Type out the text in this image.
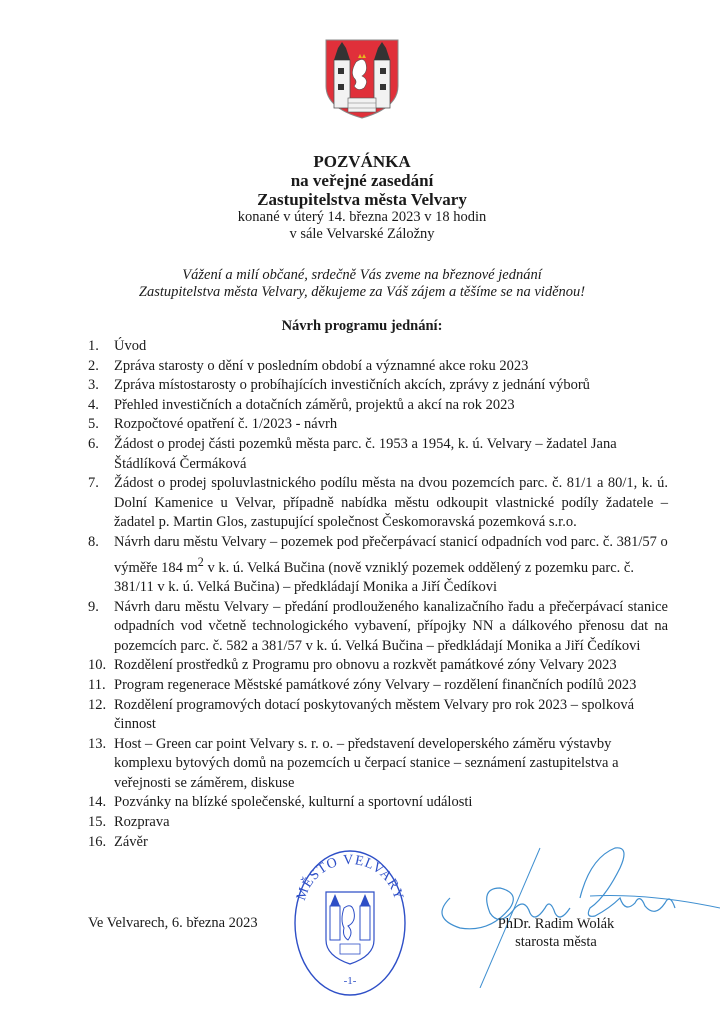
POZVÁNKA
na veřejné zasedání
Zastupitelstva města Velvary
konané v úterý 14. března 2023 v 18 hodin
v sále Velvarské Záložny
Vážení a milí občané, srdečně Vás zveme na březnové jednání
Zastupitelstva města Velvary, děkujeme za Váš zájem a těšíme se na viděnou!
Návrh programu jednání:
1. Úvod
2. Zpráva starosty o dění v posledním období a významné akce roku 2023
3. Zpráva místostarosty o probíhajících investičních akcích, zprávy z jednání výborů
4. Přehled investičních a dotačních záměrů, projektů a akcí na rok 2023
5. Rozpočtové opatření č. 1/2023 - návrh
6. Žádost o prodej části pozemků města parc. č. 1953 a 1954, k. ú. Velvary – žadatel Jana Štádlíková Čermáková
7. Žádost o prodej spoluvlastnického podílu města na dvou pozemcích parc. č. 81/1 a 80/1, k. ú. Dolní Kamenice u Velvar, případně nabídka městu odkoupit vlastnické podíly žadatele – žadatel p. Martin Glos, zastupující společnost Českomoravská pozemková s.r.o.
8. Návrh daru městu Velvary – pozemek pod přečerpávací stanicí odpadních vod parc. č. 381/57 o výměře 184 $m^2$ v k. ú. Velká Bučina (nově vzniklý pozemek oddělený z pozemku parc. č. 381/11 v k. ú. Velká Bučina) – předkládají Monika a Jiří Čedíkovi
9. Návrh daru městu Velvary – předání prodlouženého kanalizačního řadu a přečerpávací stanice odpadních vod včetně technologického vybavení, přípojky NN a dálkového přenosu dat na pozemcích parc. č. 582 a 381/57 v k. ú. Velká Bučina – předkládají Monika a Jiří Čedíkovi
10. Rozdělení prostředků z Programu pro obnovu a rozkvět památkové zóny Velvary 2023
11. Program regenerace Městské památkové zóny Velvary – rozdělení finančních podílů 2023
12. Rozdělení programových dotací poskytovaných městem Velvary pro rok 2023 – spolková činnost
13. Host – Green car point Velvary s. r. o. – představení developerského záměru výstavby komplexu bytových domů na pozemcích u čerpací stanice – seznámení zastupitelstva a veřejnosti se záměrem, diskuse
14. Pozvánky na blízké společenské, kulturní a sportovní události
15. Rozprava
16. Závěr
Ve Velvarech, 6. března 2023
MĚSTO VELVARY
-1-
PhDr. Radim Wolák
starosta města
